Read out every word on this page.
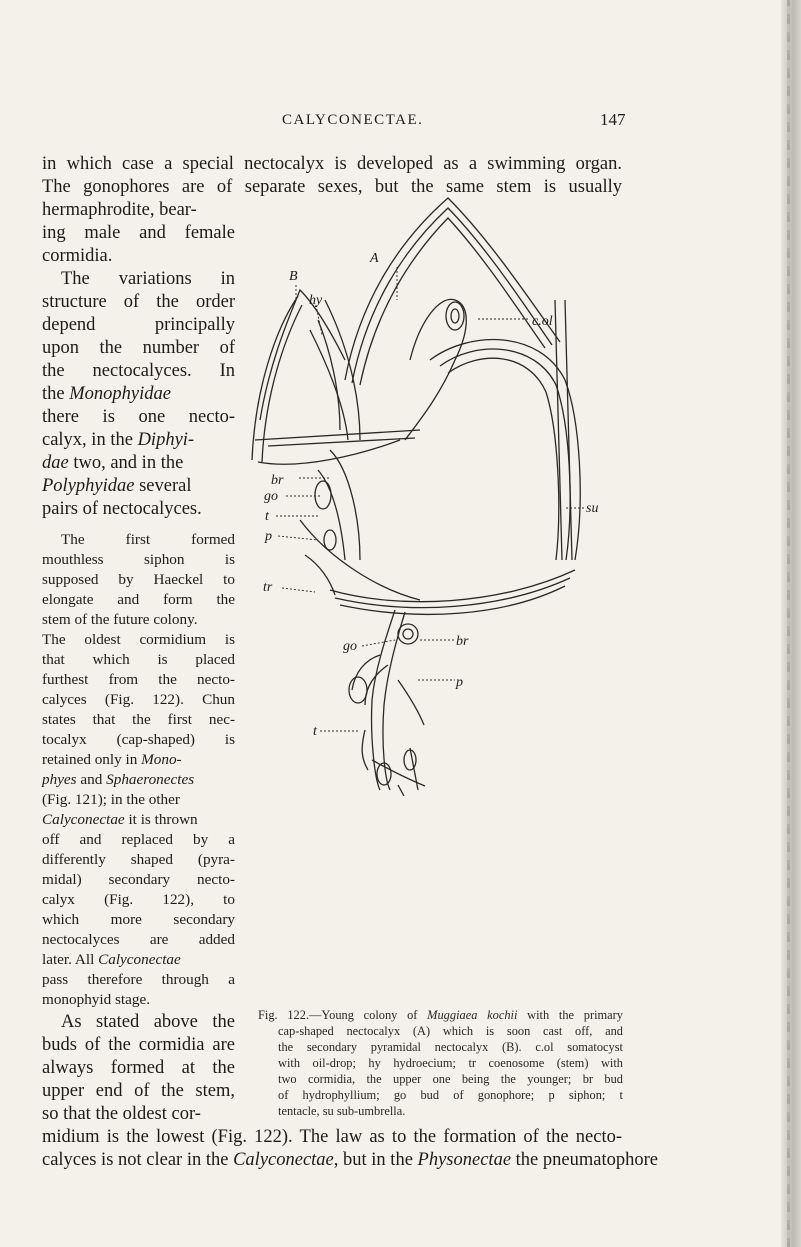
CALYCONECTAE.	147
in which case a special nectocalyx is developed as a swimming organ.
The gonophores are of separate sexes, but the same stem is usually
hermaphrodite, bear-
ing male and female
cormidia.
The variations in
structure of the order
depend principally
upon the number of
the nectocalyces. In
the Monophyidae
there is one necto-
calyx, in the Diphyi-
dae two, and in the
Polyphyidae several
pairs of nectocalyces.
The first formed
mouthless siphon is
supposed by Haeckel to
elongate and form the
stem of the future colony.
The oldest cormidium is
that which is placed
furthest from the necto-
calyces (Fig. 122). Chun
states that the first nec-
tocalyx (cap-shaped) is
retained only in Mono-
phyes and Sphaeronectes
(Fig. 121); in the other
Calyconectae it is thrown
off and replaced by a
differently shaped (pyra-
midal) secondary necto-
calyx (Fig. 122), to
which more secondary
nectocalyces are added
later. All Calyconectae
pass therefore through a
monophyid stage.
As stated above the
buds of the cormidia are
always formed at the
upper end of the stem,
so that the oldest cor-
midium is the lowest (Fig. 122). The law as to the formation of the necto-
calyces is not clear in the Calyconectae, but in the Physonectae the pneumatophore
A
B
hy
c.ol
su
br
go
t
p
tr
go	br
p
t
Fig. 122.—Young colony of Muggiaea kochii with the primary
cap-shaped nectocalyx (A) which is soon cast off, and
the secondary pyramidal nectocalyx (B). c.ol somatocyst
with oil-drop; hy hydroecium; tr coenosome (stem) with
two cormidia, the upper one being the younger; br bud
of hydrophyllium; go bud of gonophore; p siphon; t
tentacle, su sub-umbrella.
